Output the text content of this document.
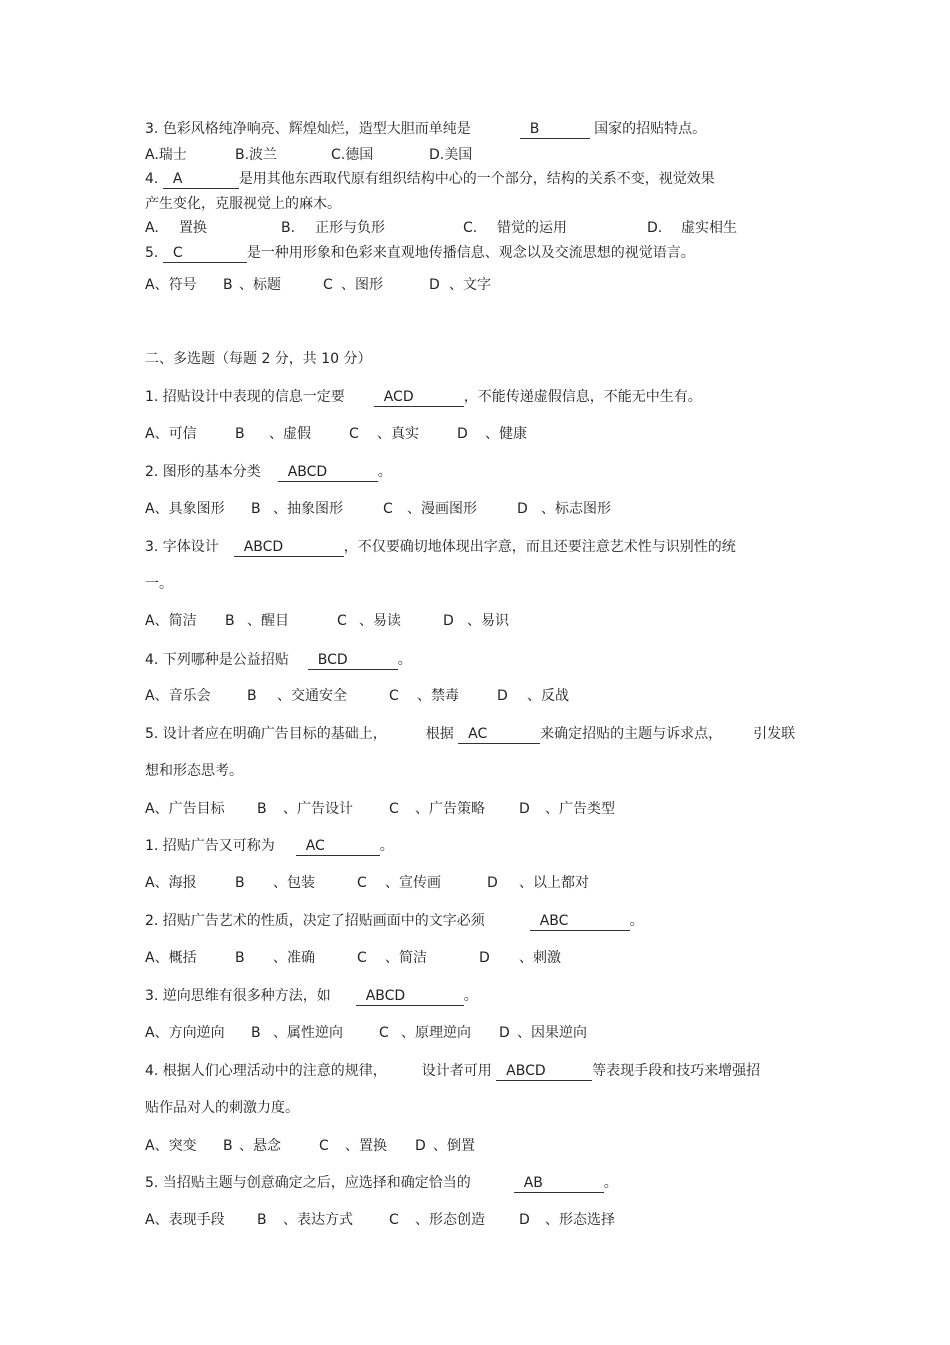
3. 色彩风格纯净响亮、辉煌灿烂，造型大胆而单纯是	B	国家的招贴特点。
A.瑞士	B.波兰	C.德国	D.美国
4. A	是用其他东西取代原有组织结构中心的一个部分，结构的关系不变，视觉效果
产生变化，克服视觉上的麻木。
A. 置换	B. 正形与负形	C. 错觉的运用	D. 虚实相生
5. C	是一种用形象和色彩来直观地传播信息、观念以及交流思想的视觉语言。
A、符号 B 、标题	C 、图形	D 、文字
二、多选题（每题 2 分，共 10 分）
1. 招贴设计中表现的信息一定要	ACD	，不能传递虚假信息，不能无中生有。
A、可信	B 、虚假	C 、真实	D 、健康
2. 图形的基本分类 ABCD	。
A、具象图形 B 、抽象图形	C 、漫画图形	D 、标志图形
3. 字体设计 ABCD	，不仅要确切地体现出字意，而且还要注意艺术性与识别性的统
一。
A、简洁 B 、醒目	C 、易读	D 、易识
4. 下列哪种是公益招贴 BCD	。
A、音乐会	B 、交通安全	C 、禁毒	D 、反战
5. 设计者应在明确广告目标的基础上，	根据 AC	来确定招贴的主题与诉求点， 引发联
想和形态思考。
A、广告目标 B 、广告设计	C 、广告策略 D 、广告类型
1. 招贴广告又可称为 AC	。
A、海报	B 、包装	C 、宣传画	D 、以上都对
2. 招贴广告艺术的性质，决定了招贴画面中的文字必须	ABC	。
A、概括	B 、准确	C 、简洁	D 、刺激
3. 逆向思维有很多种方法，如 ABCD	。
A、方向逆向 B 、属性逆向	C 、原理逆向 D 、因果逆向
4. 根据人们心理活动中的注意的规律， 设计者可用 ABCD	等表现手段和技巧来增强招
贴作品对人的刺激力度。
A、突变 B 、悬念	C 、置换 D 、倒置
5. 当招贴主题与创意确定之后，应选择和确定恰当的	AB	。
A、表现手段 B 、表达方式	C 、形态创造 D 、形态选择
